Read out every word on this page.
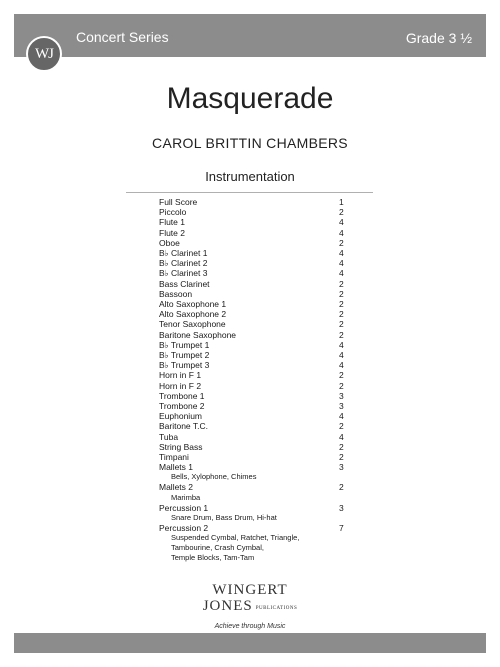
Concert Series	Grade 3 ½
WJ
Masquerade
CAROL BRITTIN CHAMBERS
Instrumentation
Full Score	1
Piccolo	2
Flute 1	4
Flute 2	4
Oboe	2
B♭ Clarinet 1	4
B♭ Clarinet 2	4
B♭ Clarinet 3	4
Bass Clarinet	2
Bassoon	2
Alto Saxophone 1	2
Alto Saxophone 2	2
Tenor Saxophone	2
Baritone Saxophone	2
B♭ Trumpet 1	4
B♭ Trumpet 2	4
B♭ Trumpet 3	4
Horn in F 1	2
Horn in F 2	2
Trombone 1	3
Trombone 2	3
Euphonium	4
Baritone T.C.	2
Tuba	4
String Bass	2
Timpani	2
Mallets 1	3
Bells, Xylophone, Chimes
Mallets 2	2
Marimba
Percussion 1	3
Snare Drum, Bass Drum, Hi-hat
Percussion 2	7
Suspended Cymbal, Ratchet, Triangle,
Tambourine, Crash Cymbal,
Temple Blocks, Tam-Tam
WINGERT
JONES PUBLICATIONS
Achieve through Music
